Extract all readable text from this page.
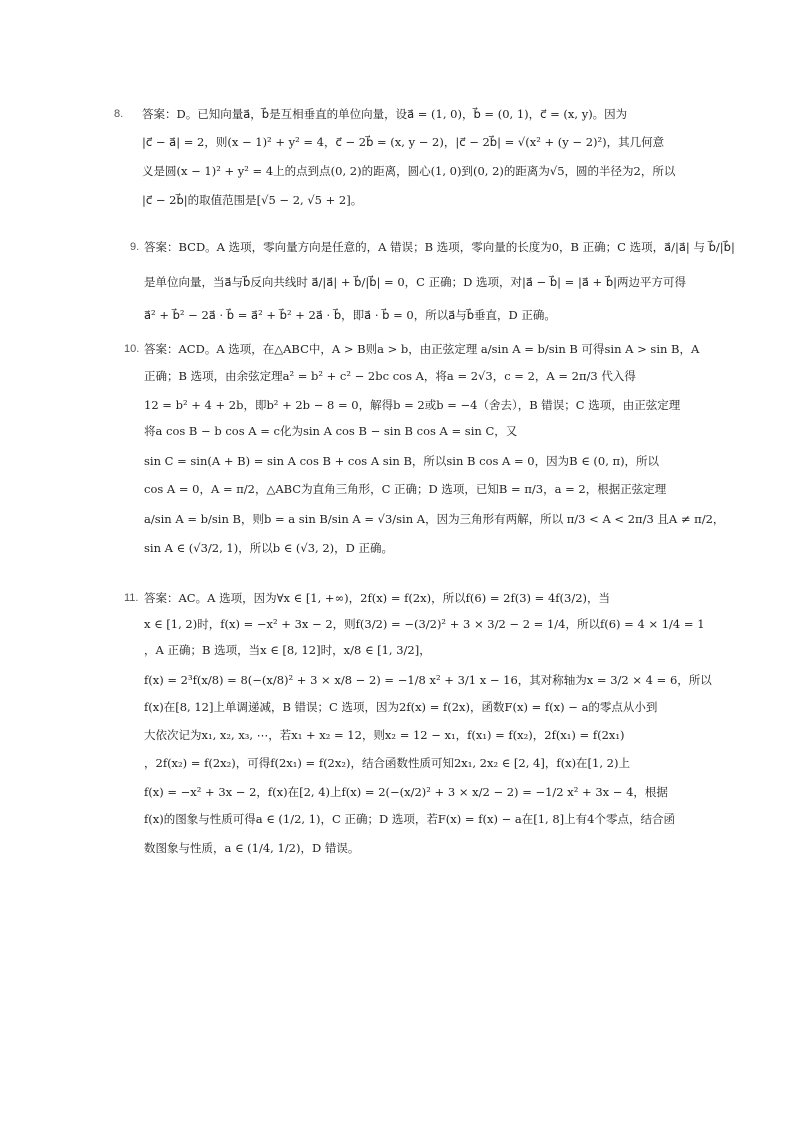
8. 答案：D。已知向量a⃗，b⃗是互相垂直的单位向量，设a⃗ = (1, 0)，b⃗ = (0, 1)，c⃗ = (x, y)。因为
|c⃗ − a⃗| = 2，则(x − 1)² + y² = 4，c⃗ − 2b⃗ = (x, y − 2)，|c⃗ − 2b⃗| = √(x² + (y − 2)²)，其几何意
义是圆(x − 1)² + y² = 4上的点到点(0, 2)的距离，圆心(1, 0)到(0, 2)的距离为√5，圆的半径为2，所以
|c⃗ − 2b⃗|的取值范围是[√5 − 2, √5 + 2]。
9. 答案：BCD。A 选项，零向量方向是任意的，A 错误；B 选项，零向量的长度为0，B 正确；C 选项，a⃗/|a⃗| 与 b⃗/|b⃗|
是单位向量，当a⃗与b⃗反向共线时 a⃗/|a⃗| + b⃗/|b⃗| = 0，C 正确；D 选项，对|a⃗ − b⃗| = |a⃗ + b⃗|两边平方可得
a⃗² + b⃗² − 2a⃗ · b⃗ = a⃗² + b⃗² + 2a⃗ · b⃗，即a⃗ · b⃗ = 0，所以a⃗与b⃗垂直，D 正确。
10. 答案：ACD。A 选项，在△ABC中，A > B则a > b，由正弦定理 a/sin A = b/sin B 可得sin A > sin B，A
正确；B 选项，由余弦定理a² = b² + c² − 2bc cos A，将a = 2√3，c = 2，A = 2π/3 代入得
12 = b² + 4 + 2b，即b² + 2b − 8 = 0，解得b = 2或b = −4（舍去），B 错误；C 选项，由正弦定理
将a cos B − b cos A = c化为sin A cos B − sin B cos A = sin C，又
sin C = sin(A + B) = sin A cos B + cos A sin B，所以sin B cos A = 0，因为B ∈ (0, π)，所以
cos A = 0，A = π/2，△ABC为直角三角形，C 正确；D 选项，已知B = π/3，a = 2，根据正弦定理
a/sin A = b/sin B，则b = a sin B/sin A = √3/sin A，因为三角形有两解，所以 π/3 < A < 2π/3 且A ≠ π/2，
sin A ∈ (√3/2, 1)，所以b ∈ (√3, 2)，D 正确。
11. 答案：AC。A 选项，因为∀x ∈ [1, +∞)，2f(x) = f(2x)，所以f(6) = 2f(3) = 4f(3/2)，当
x ∈ [1, 2)时，f(x) = −x² + 3x − 2，则f(3/2) = −(3/2)² + 3 × 3/2 − 2 = 1/4，所以f(6) = 4 × 1/4 = 1
，A 正确；B 选项，当x ∈ [8, 12]时，x/8 ∈ [1, 3/2]，
f(x) = 2³f(x/8) = 8(−(x/8)² + 3 × x/8 − 2) = −1/8 x² + 3/1 x − 16，其对称轴为x = 3/2 × 4 = 6，所以
f(x)在[8, 12]上单调递减，B 错误；C 选项，因为2f(x) = f(2x)，函数F(x) = f(x) − a的零点从小到
大依次记为x₁, x₂, x₃, ⋯，若x₁ + x₂ = 12，则x₂ = 12 − x₁，f(x₁) = f(x₂)，2f(x₁) = f(2x₁)
，2f(x₂) = f(2x₂)，可得f(2x₁) = f(2x₂)，结合函数性质可知2x₁, 2x₂ ∈ [2, 4]，f(x)在[1, 2)上
f(x) = −x² + 3x − 2，f(x)在[2, 4)上f(x) = 2(−(x/2)² + 3 × x/2 − 2) = −1/2 x² + 3x − 4，根据
f(x)的图象与性质可得a ∈ (1/2, 1)，C 正确；D 选项，若F(x) = f(x) − a在[1, 8]上有4个零点，结合函
数图象与性质，a ∈ (1/4, 1/2)，D 错误。
